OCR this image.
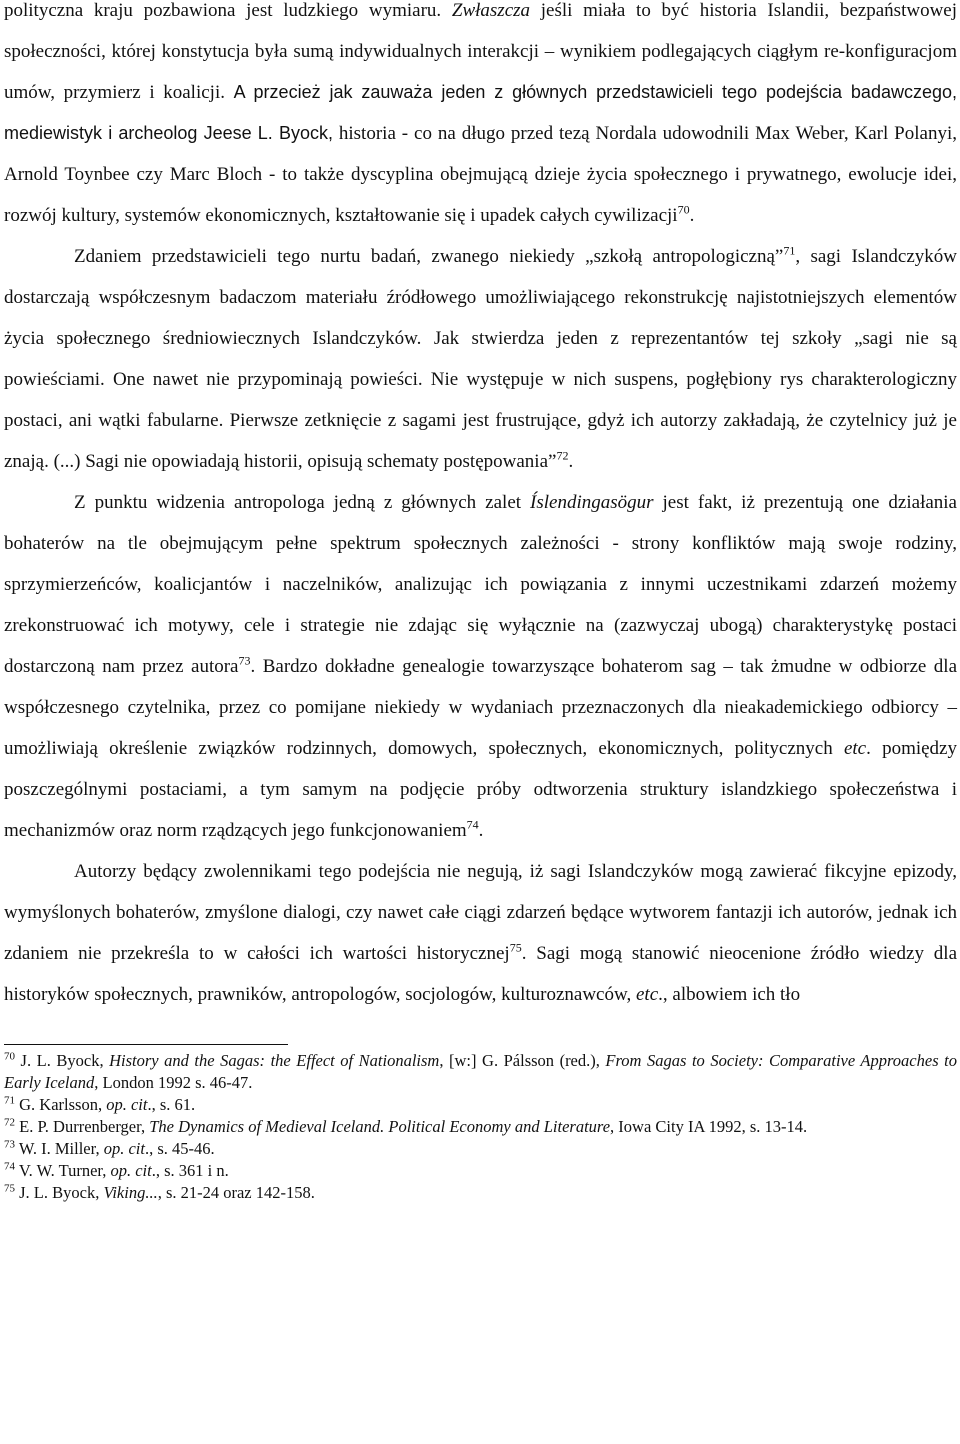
polityczna kraju pozbawiona jest ludzkiego wymiaru. Zwłaszcza jeśli miała to być historia Islandii, bezpaństwowej społeczności, której konstytucja była sumą indywidualnych interakcji – wynikiem podlegających ciągłym re-konfiguracjom umów, przymierz i koalicji. A przecież jak zauważa jeden z głównych przedstawicieli tego podejścia badawczego, mediewistyk i archeolog Jeese L. Byock, historia - co na długo przed tezą Nordala udowodnili Max Weber, Karl Polanyi, Arnold Toynbee czy Marc Bloch - to także dyscyplina obejmującą dzieje życia społecznego i prywatnego, ewolucje idei, rozwój kultury, systemów ekonomicznych, kształtowanie się i upadek całych cywilizacji$^{70}$.

Zdaniem przedstawicieli tego nurtu badań, zwanego niekiedy „szkołą antropologiczną”$^{71}$, sagi Islandczyków dostarczają współczesnym badaczom materiału źródłowego umożliwiającego rekonstrukcję najistotniejszych elementów życia społecznego średniowiecznych Islandczyków. Jak stwierdza jeden z reprezentantów tej szkoły „sagi nie są powieściami. One nawet nie przypominają powieści. Nie występuje w nich suspens, pogłębiony rys charakterologiczny postaci, ani wątki fabularne. Pierwsze zetknięcie z sagami jest frustrujące, gdyż ich autorzy zakładają, że czytelnicy już je znają. (...) Sagi nie opowiadają historii, opisują schematy postępowania”$^{72}$.

Z punktu widzenia antropologa jedną z głównych zalet Íslendingasögur jest fakt, iż prezentują one działania bohaterów na tle obejmującym pełne spektrum społecznych zależności - strony konfliktów mają swoje rodziny, sprzymierzeńców, koalicjantów i naczelników, analizując ich powiązania z innymi uczestnikami zdarzeń możemy zrekonstruować ich motywy, cele i strategie nie zdając się wyłącznie na (zazwyczaj ubogą) charakterystykę postaci dostarczoną nam przez autora$^{73}$. Bardzo dokładne genealogie towarzyszące bohaterom sag – tak żmudne w odbiorze dla współczesnego czytelnika, przez co pomijane niekiedy w wydaniach przeznaczonych dla nieakademickiego odbiorcy – umożliwiają określenie związków rodzinnych, domowych, społecznych, ekonomicznych, politycznych etc. pomiędzy poszczególnymi postaciami, a tym samym na podjęcie próby odtworzenia struktury islandzkiego społeczeństwa i mechanizmów oraz norm rządzących jego funkcjonowaniem$^{74}$.

Autorzy będący zwolennikami tego podejścia nie negują, iż sagi Islandczyków mogą zawierać fikcyjne epizody, wymyślonych bohaterów, zmyślone dialogi, czy nawet całe ciągi zdarzeń będące wytworem fantazji ich autorów, jednak ich zdaniem nie przekreśla to w całości ich wartości historycznej$^{75}$. Sagi mogą stanowić nieocenione źródło wiedzy dla historyków społecznych, prawników, antropologów, socjologów, kulturoznawców, etc., albowiem ich tło

$^{70}$ J. L. Byock, History and the Sagas: the Effect of Nationalism, [w:] G. Pálsson (red.), From Sagas to Society: Comparative Approaches to Early Iceland, London 1992 s. 46-47.
$^{71}$ G. Karlsson, op. cit., s. 61.
$^{72}$ E. P. Durrenberger, The Dynamics of Medieval Iceland. Political Economy and Literature, Iowa City IA 1992, s. 13-14.
$^{73}$ W. I. Miller, op. cit., s. 45-46.
$^{74}$ V. W. Turner, op. cit., s. 361 i n.
$^{75}$ J. L. Byock, Viking..., s. 21-24 oraz 142-158.
